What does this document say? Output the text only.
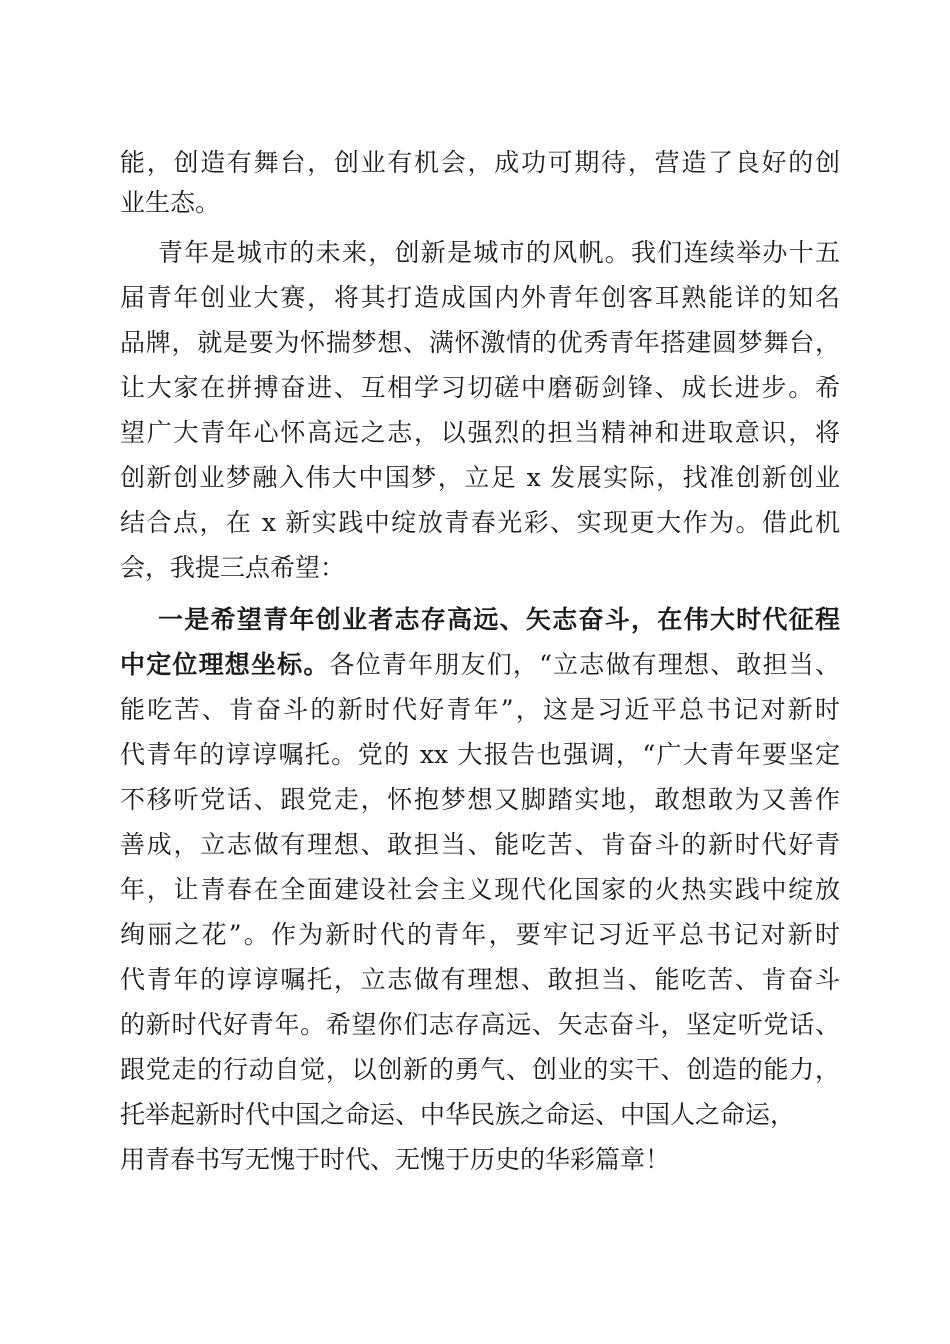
能，创造有舞台，创业有机会，成功可期待，营造了良好的创
业生态。
青年是城市的未来，创新是城市的风帆。我们连续举办十五
届青年创业大赛，将其打造成国内外青年创客耳熟能详的知名
品牌，就是要为怀揣梦想、满怀激情的优秀青年搭建圆梦舞台，
让大家在拼搏奋进、互相学习切磋中磨砺剑锋、成长进步。希
望广大青年心怀高远之志，以强烈的担当精神和进取意识，将
创新创业梦融入伟大中国梦，立足 x 发展实际，找准创新创业
结合点，在 x 新实践中绽放青春光彩、实现更大作为。借此机
会，我提三点希望：
一是希望青年创业者志存高远、矢志奋斗，在伟大时代征程
中定位理想坐标。各位青年朋友们，“立志做有理想、敢担当、
能吃苦、肯奋斗的新时代好青年”，这是习近平总书记对新时
代青年的谆谆嘱托。党的 xx 大报告也强调，“广大青年要坚定
不移听党话、跟党走，怀抱梦想又脚踏实地，敢想敢为又善作
善成，立志做有理想、敢担当、能吃苦、肯奋斗的新时代好青
年，让青春在全面建设社会主义现代化国家的火热实践中绽放
绚丽之花”。作为新时代的青年，要牢记习近平总书记对新时
代青年的谆谆嘱托，立志做有理想、敢担当、能吃苦、肯奋斗
的新时代好青年。希望你们志存高远、矢志奋斗，坚定听党话、
跟党走的行动自觉，以创新的勇气、创业的实干、创造的能力，
托举起新时代中国之命运、中华民族之命运、中国人之命运，
用青春书写无愧于时代、无愧于历史的华彩篇章！
